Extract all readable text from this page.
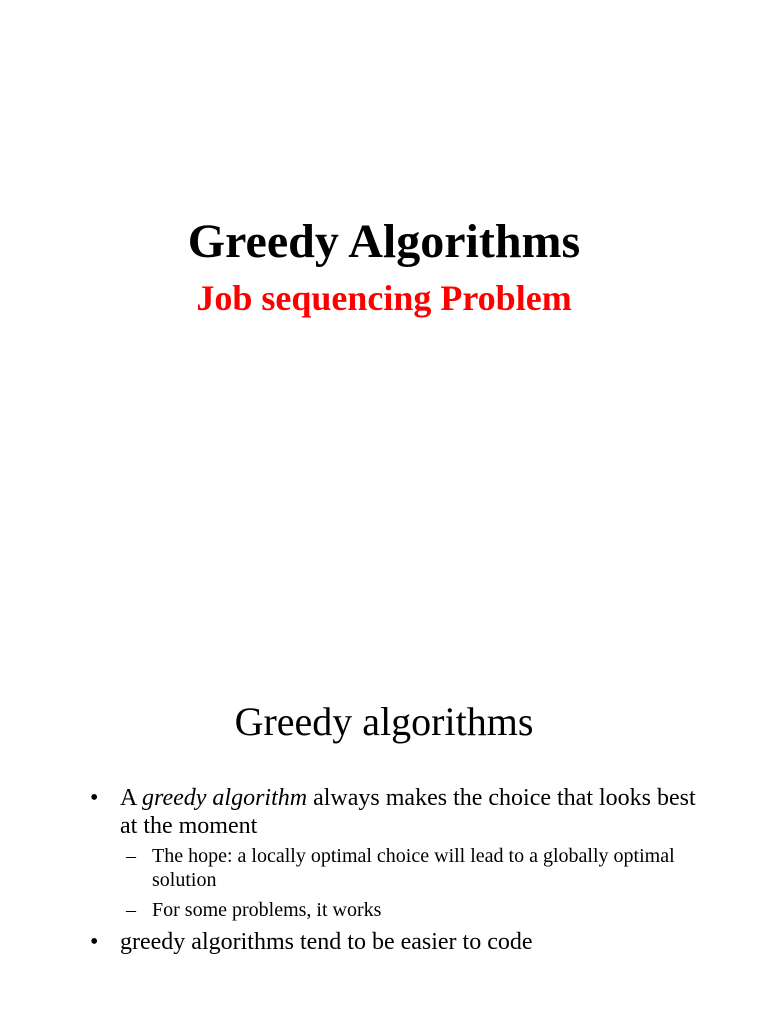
Greedy Algorithms
Job sequencing Problem
Greedy algorithms
• A greedy algorithm always makes the choice that looks best at the moment
– The hope: a locally optimal choice will lead to a globally optimal solution
– For some problems, it works
• greedy algorithms tend to be easier to code
